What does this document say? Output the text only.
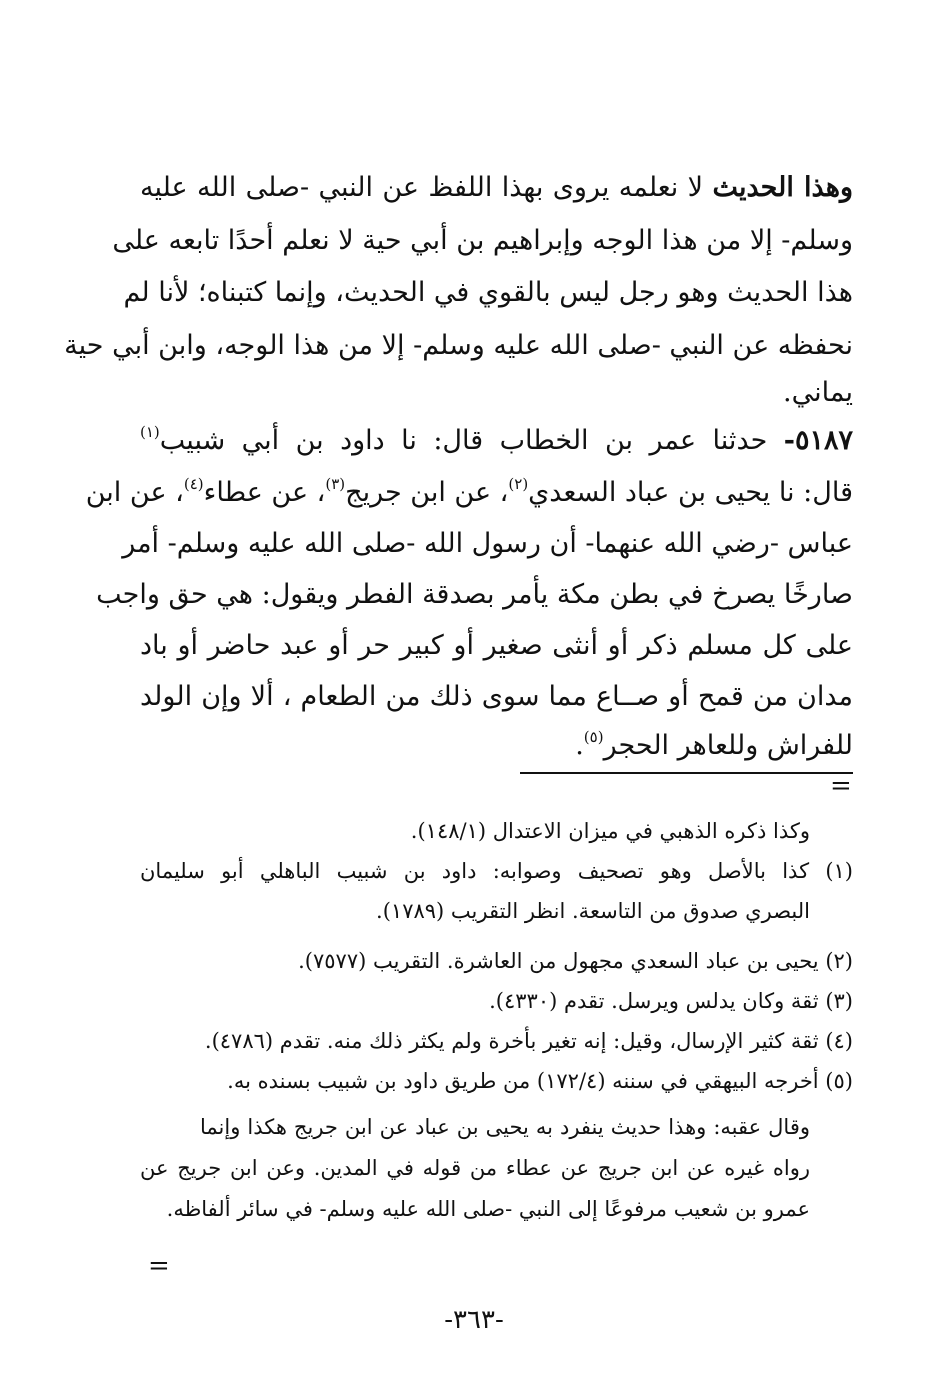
وهذا الحديث لا نعلمه يروى بهذا اللفظ عن النبي -صلى الله عليه
وسلم- إلا من هذا الوجه وإبراهيم بن أبي حية لا نعلم أحدًا تابعه على
هذا الحديث وهو رجل ليس بالقوي في الحديث، وإنما كتبناه؛ لأنا لم
نحفظه عن النبي -صلى الله عليه وسلم- إلا من هذا الوجه، وابن أبي حية
يماني.
٥١٨٧- حدثنا عمر بن الخطاب قال: نا داود بن أبي شبيب$^{(١)}$
قال: نا يحيى بن عباد السعدي$^{(٢)}$، عن ابن جريج$^{(٣)}$، عن عطاء$^{(٤)}$، عن ابن
عباس -رضي الله عنهما- أن رسول الله -صلى الله عليه وسلم- أمر
صارخًا يصرخ في بطن مكة يأمر بصدقة الفطر ويقول: هي حق واجب
على كل مسلم ذكر أو أنثى صغير أو كبير حر أو عبد حاضر أو باد
مدان من قمح أو صــاع مما سوى ذلك من الطعام ، ألا وإن الولد
للفراش وللعاهر الحجر$^{(٥)}$.
=
وكذا ذكره الذهبي في ميزان الاعتدال (١٤٨/١).
(١) كذا بالأصل وهو تصحيف وصوابه: داود بن شبيب الباهلي أبو سليمان
البصري صدوق من التاسعة. انظر التقريب (١٧٨٩).
(٢) يحيى بن عباد السعدي مجهول من العاشرة. التقريب (٧٥٧٧).
(٣) ثقة وكان يدلس ويرسل. تقدم (٤٣٣٠).
(٤) ثقة كثير الإرسال، وقيل: إنه تغير بأخرة ولم يكثر ذلك منه. تقدم (٤٧٨٦).
(٥) أخرجه البيهقي في سننه (١٧٢/٤) من طريق داود بن شبيب بسنده به.
وقال عقبه: وهذا حديث ينفرد به يحيى بن عباد عن ابن جريج هكذا وإنما
رواه غيره عن ابن جريج عن عطاء من قوله في المدين. وعن ابن جريج عن
عمرو بن شعيب مرفوعًا إلى النبي -صلى الله عليه وسلم- في سائر ألفاظه.
=
-٣٦٣-
